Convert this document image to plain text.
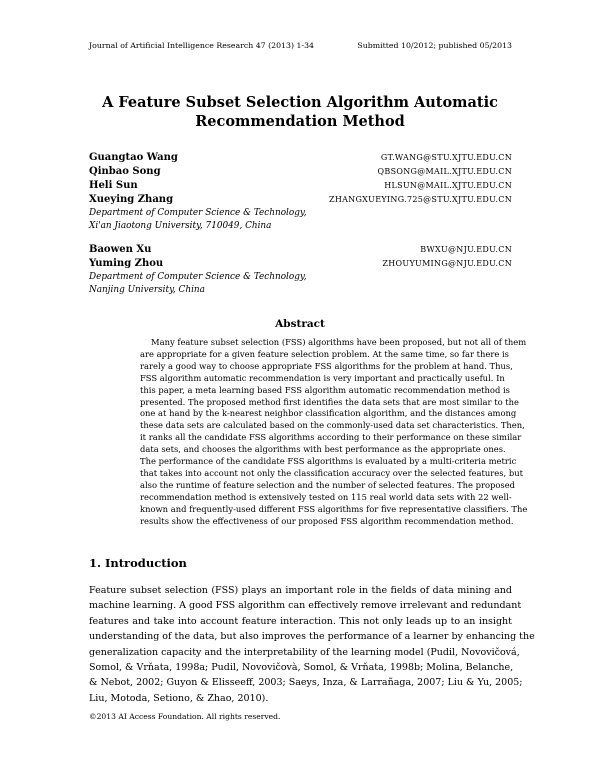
Journal of Artificial Intelligence Research 47 (2013) 1-34	Submitted 10/2012; published 05/2013
A Feature Subset Selection Algorithm Automatic
Recommendation Method
Guangtao Wang	GT.WANG@STU.XJTU.EDU.CN
Qinbao Song	QBSONG@MAIL.XJTU.EDU.CN
Heli Sun	HLSUN@MAIL.XJTU.EDU.CN
Xueying Zhang	ZHANGXUEYING.725@STU.XJTU.EDU.CN
Department of Computer Science & Technology,
Xi'an Jiaotong University, 710049, China
Baowen Xu	BWXU@NJU.EDU.CN
Yuming Zhou	ZHOUYUMING@NJU.EDU.CN
Department of Computer Science & Technology,
Nanjing University, China
Abstract
Many feature subset selection (FSS) algorithms have been proposed, but not all of them
are appropriate for a given feature selection problem. At the same time, so far there is
rarely a good way to choose appropriate FSS algorithms for the problem at hand. Thus,
FSS algorithm automatic recommendation is very important and practically useful. In
this paper, a meta learning based FSS algorithm automatic recommendation method is
presented. The proposed method first identifies the data sets that are most similar to the
one at hand by the k-nearest neighbor classification algorithm, and the distances among
these data sets are calculated based on the commonly-used data set characteristics. Then,
it ranks all the candidate FSS algorithms according to their performance on these similar
data sets, and chooses the algorithms with best performance as the appropriate ones.
The performance of the candidate FSS algorithms is evaluated by a multi-criteria metric
that takes into account not only the classification accuracy over the selected features, but
also the runtime of feature selection and the number of selected features. The proposed
recommendation method is extensively tested on 115 real world data sets with 22 well-
known and frequently-used different FSS algorithms for five representative classifiers. The
results show the effectiveness of our proposed FSS algorithm recommendation method.
1. Introduction
Feature subset selection (FSS) plays an important role in the fields of data mining and
machine learning. A good FSS algorithm can effectively remove irrelevant and redundant
features and take into account feature interaction. This not only leads up to an insight
understanding of the data, but also improves the performance of a learner by enhancing the
generalization capacity and the interpretability of the learning model (Pudil, Novovičová,
Somol, & Vrňata, 1998a; Pudil, Novovičovà, Somol, & Vrňata, 1998b; Molina, Belanche,
& Nebot, 2002; Guyon & Elisseeff, 2003; Saeys, Inza, & Larrañaga, 2007; Liu & Yu, 2005;
Liu, Motoda, Setiono, & Zhao, 2010).
©2013 AI Access Foundation. All rights reserved.
